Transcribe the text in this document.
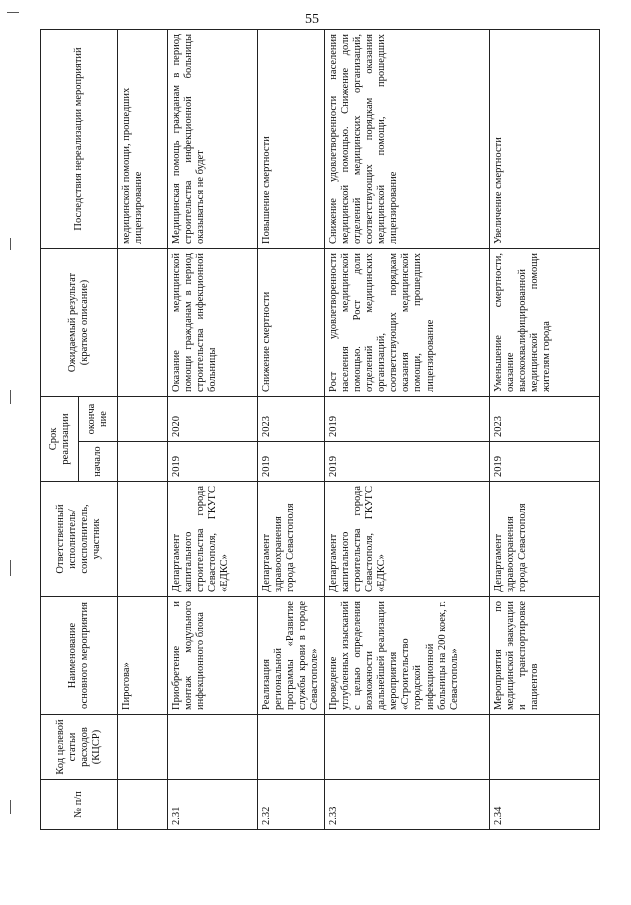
55
№ п/п	Код целевой статьи расходов (КЦСР)	Наименование основного мероприятия	Ответственный исполнитель/соисполнитель, участник	Срок реализации		Ожидаемый результат (краткое описание)	Последствия нереализации мероприятий
				начало	окончание		
		Пирогова»					медицинской помощи, прошедших лицензирование
2.31		Приобретение и монтаж модульного инфекционного блока	Департамент капитального строительства города Севастополя, ГКУГС «ЕДКС»	2019	2020	Оказание медицинской помощи гражданам в период строительства инфекционной больницы	Медицинская помощь гражданам в период строительства инфекционной больницы оказываться не будет
2.32		Реализация региональной программы «Развитие службы крови в городе Севастополе»	Департамент здравоохранения города Севастополя	2019	2023	Снижение смертности	Повышение смертности
2.33		Проведение углубленных изысканий с целью определения возможности дальнейшей реализации мероприятия «Строительство городской инфекционной больницы на 200 коек, г. Севастополь»	Департамент капитального строительства города Севастополя, ГКУГС «ЕДКС»	2019	2019	Рост удовлетворенности населения медицинской помощью. Рост доли отделений медицинских организаций, соответствующих порядкам оказания медицинской помощи, прошедших лицензирование	Снижение удовлетворенности населения медицинской помощью. Снижение доли отделений медицинских организаций, соответствующих порядкам оказания медицинской помощи, прошедших лицензирование
2.34		Мероприятия по медицинской эвакуации и транспортировке пациентов	Департамент здравоохранения города Севастополя	2019	2023	Уменьшение смертности, оказание высококвалифицированной медицинской помощи жителям города	Увеличение смертности
